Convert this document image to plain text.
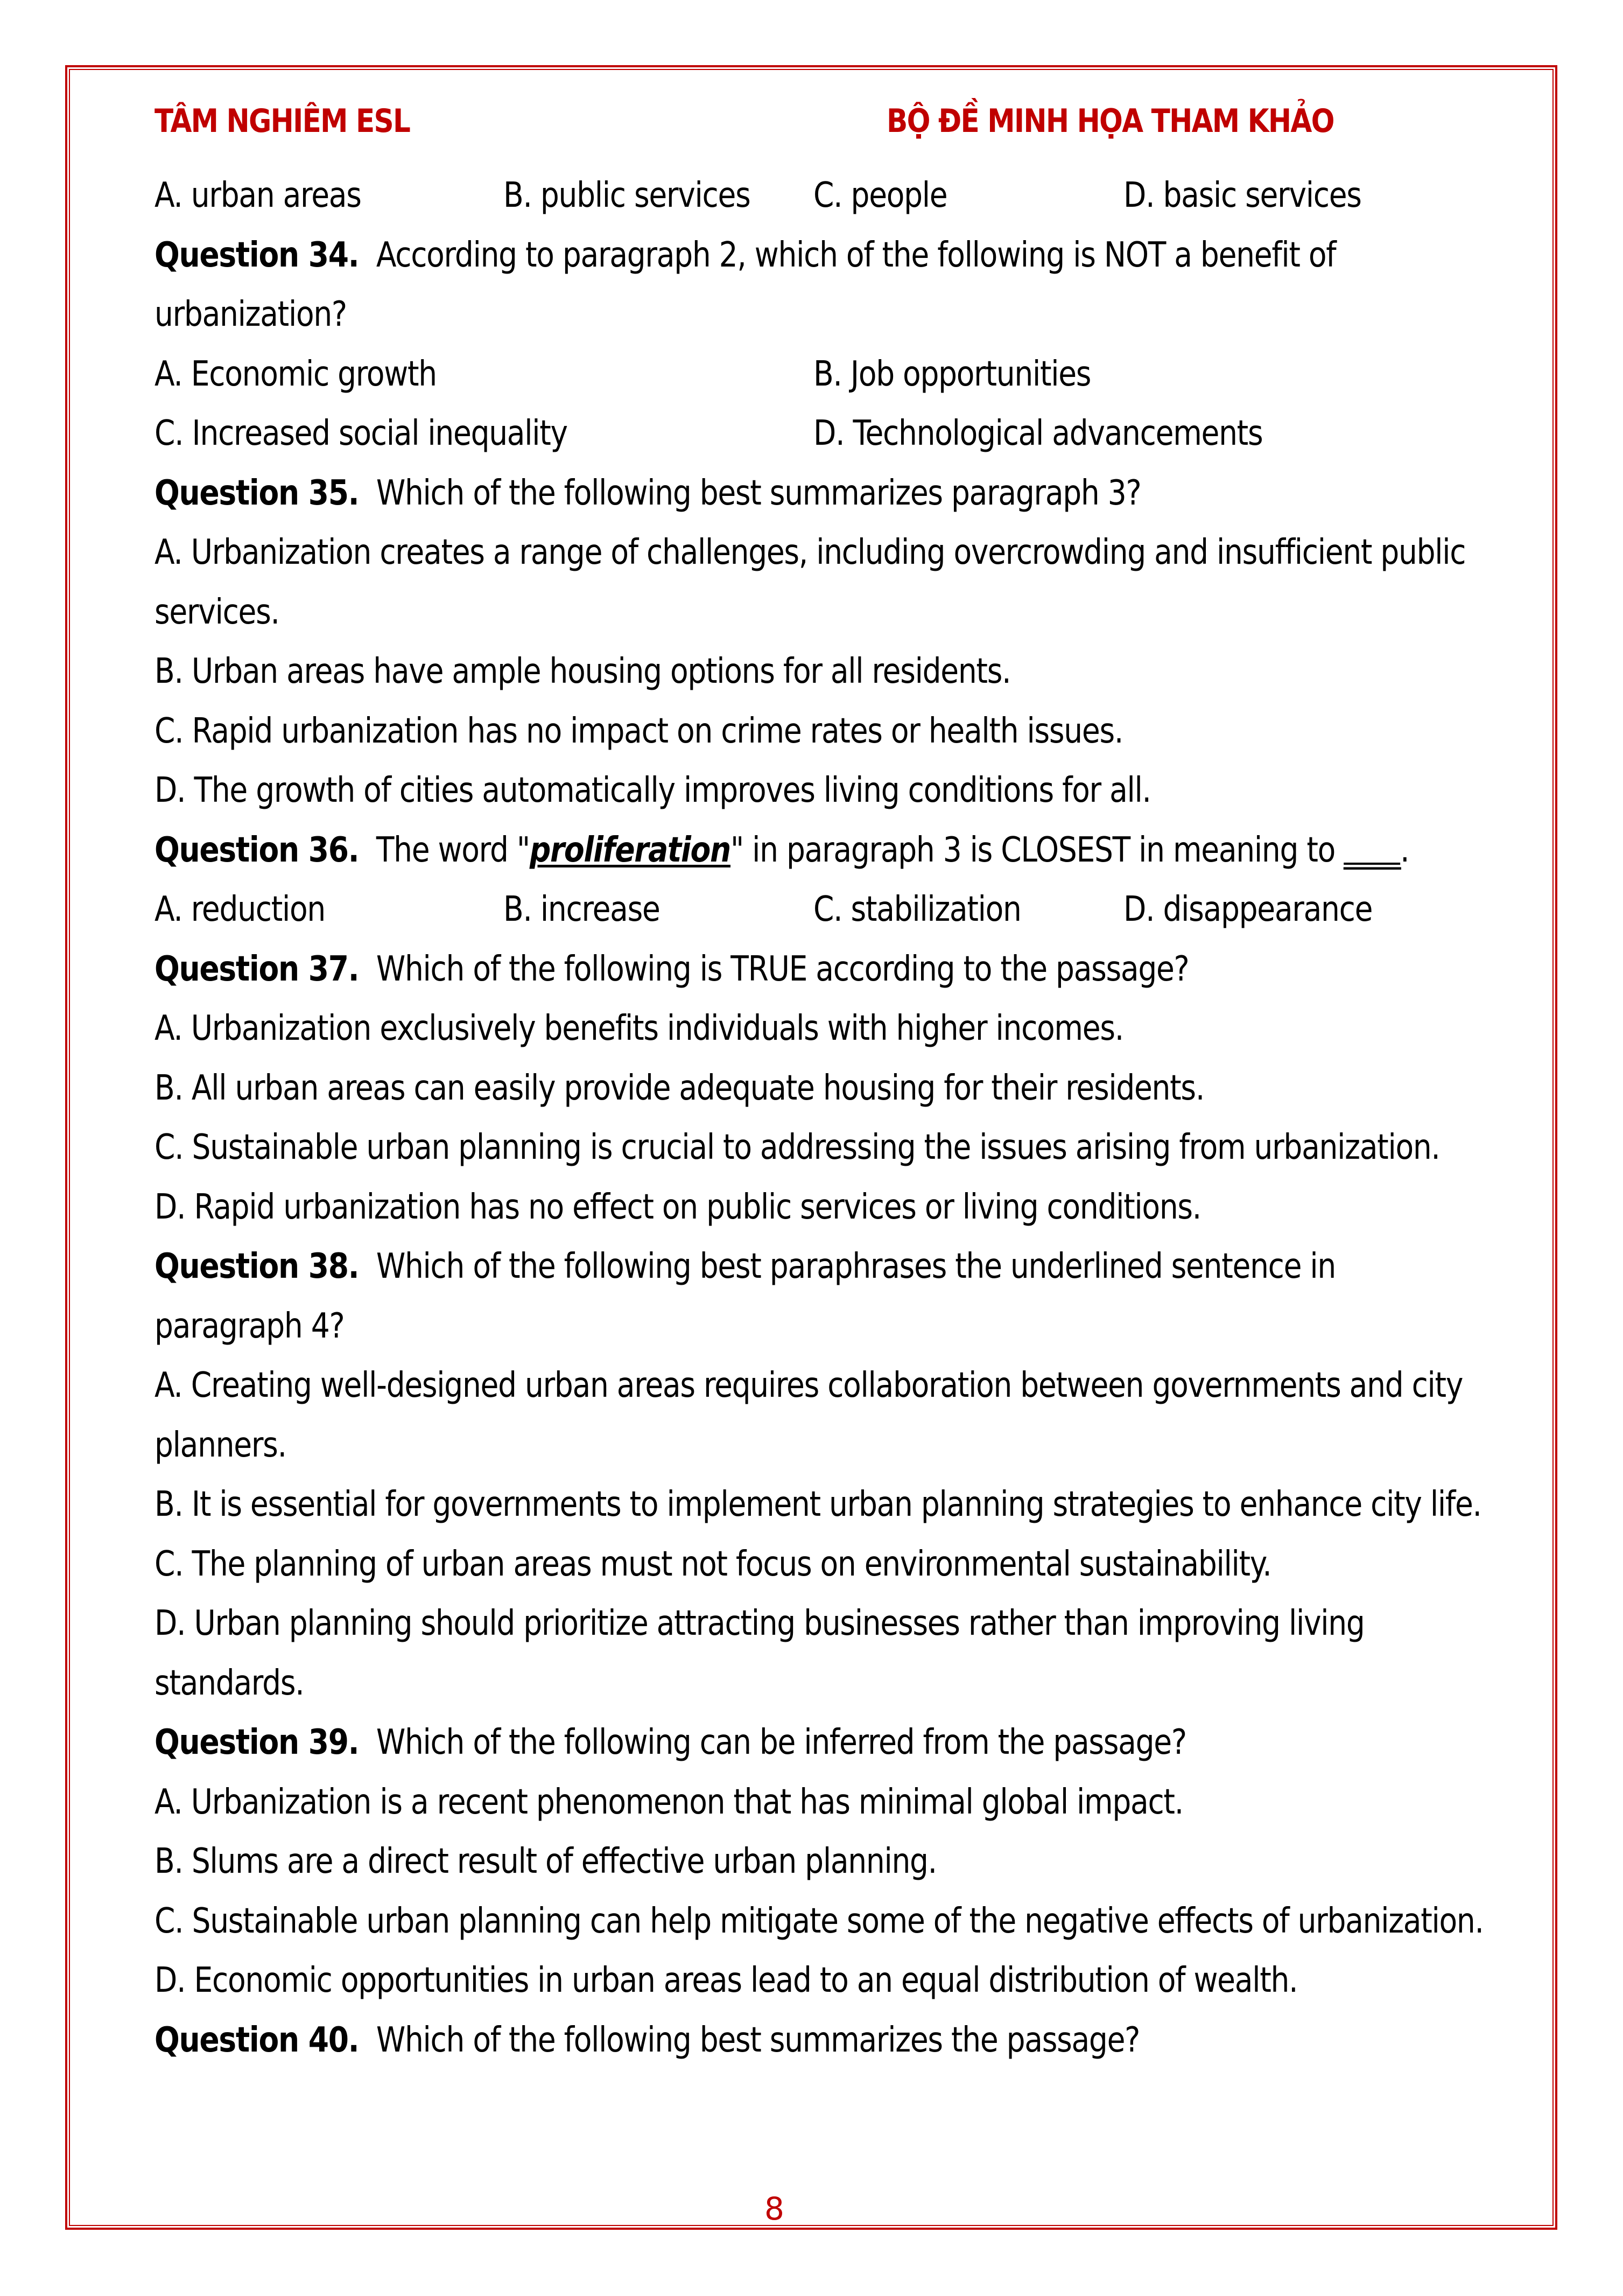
TÂM NGHIÊM ESL	BỘ ĐỀ MINH HỌA THAM KHẢO
A. urban areas	B. public services	C. people	D. basic services
Question 34. According to paragraph 2, which of the following is NOT a benefit of
urbanization?
A. Economic growth	B. Job opportunities
C. Increased social inequality	D. Technological advancements
Question 35. Which of the following best summarizes paragraph 3?
A. Urbanization creates a range of challenges, including overcrowding and insufficient public
services.
B. Urban areas have ample housing options for all residents.
C. Rapid urbanization has no impact on crime rates or health issues.
D. The growth of cities automatically improves living conditions for all.
Question 36. The word "proliferation" in paragraph 3 is CLOSEST in meaning to ____.
A. reduction	B. increase	C. stabilization	D. disappearance
Question 37. Which of the following is TRUE according to the passage?
A. Urbanization exclusively benefits individuals with higher incomes.
B. All urban areas can easily provide adequate housing for their residents.
C. Sustainable urban planning is crucial to addressing the issues arising from urbanization.
D. Rapid urbanization has no effect on public services or living conditions.
Question 38. Which of the following best paraphrases the underlined sentence in
paragraph 4?
A. Creating well-designed urban areas requires collaboration between governments and city
planners.
B. It is essential for governments to implement urban planning strategies to enhance city life.
C. The planning of urban areas must not focus on environmental sustainability.
D. Urban planning should prioritize attracting businesses rather than improving living
standards.
Question 39. Which of the following can be inferred from the passage?
A. Urbanization is a recent phenomenon that has minimal global impact.
B. Slums are a direct result of effective urban planning.
C. Sustainable urban planning can help mitigate some of the negative effects of urbanization.
D. Economic opportunities in urban areas lead to an equal distribution of wealth.
Question 40. Which of the following best summarizes the passage?
8
